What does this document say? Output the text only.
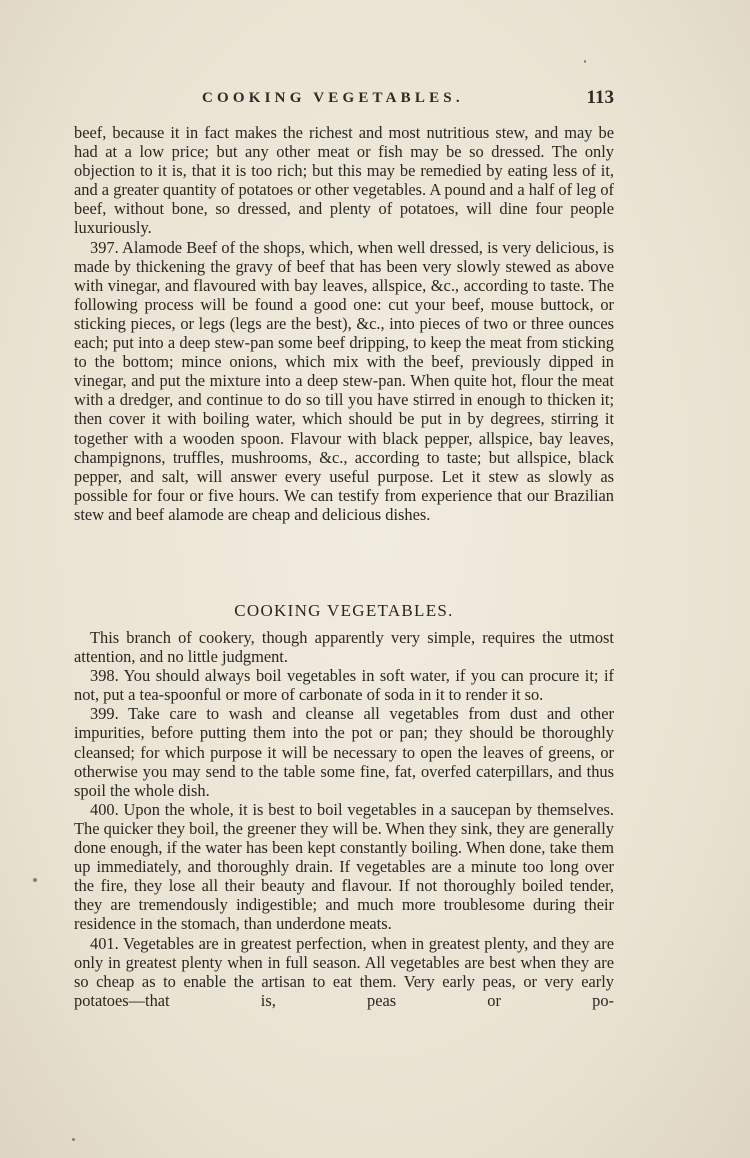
COOKING VEGETABLES.	113

beef, because it in fact makes the richest and most nutritious stew, and may be had at a low price; but any other meat or fish may be so dressed. The only objection to it is, that it is too rich; but this may be remedied by eating less of it, and a greater quantity of potatoes or other vegetables. A pound and a half of leg of beef, without bone, so dressed, and plenty of potatoes, will dine four people luxuriously.

397. Alamode Beef of the shops, which, when well dressed, is very delicious, is made by thickening the gravy of beef that has been very slowly stewed as above with vinegar, and flavoured with bay leaves, allspice, &c., according to taste. The following process will be found a good one: cut your beef, mouse buttock, or sticking pieces, or legs (legs are the best), &c., into pieces of two or three ounces each; put into a deep stew-pan some beef dripping, to keep the meat from sticking to the bottom; mince onions, which mix with the beef, previously dipped in vinegar, and put the mixture into a deep stew-pan. When quite hot, flour the meat with a dredger, and continue to do so till you have stirred in enough to thicken it; then cover it with boiling water, which should be put in by degrees, stirring it together with a wooden spoon. Flavour with black pepper, allspice, bay leaves, champignons, truffles, mushrooms, &c., according to taste; but allspice, black pepper, and salt, will answer every useful purpose. Let it stew as slowly as possible for four or five hours. We can testify from experience that our Brazilian stew and beef alamode are cheap and delicious dishes.

COOKING VEGETABLES.

This branch of cookery, though apparently very simple, requires the utmost attention, and no little judgment.

398. You should always boil vegetables in soft water, if you can procure it; if not, put a tea-spoonful or more of carbonate of soda in it to render it so.

399. Take care to wash and cleanse all vegetables from dust and other impurities, before putting them into the pot or pan; they should be thoroughly cleansed; for which purpose it will be necessary to open the leaves of greens, or otherwise you may send to the table some fine, fat, overfed caterpillars, and thus spoil the whole dish.

400. Upon the whole, it is best to boil vegetables in a saucepan by themselves. The quicker they boil, the greener they will be. When they sink, they are generally done enough, if the water has been kept constantly boiling. When done, take them up immediately, and thoroughly drain. If vegetables are a minute too long over the fire, they lose all their beauty and flavour. If not thoroughly boiled tender, they are tremendously indigestible; and much more troublesome during their residence in the stomach, than underdone meats.

401. Vegetables are in greatest perfection, when in greatest plenty, and they are only in greatest plenty when in full season. All vegetables are best when they are so cheap as to enable the artisan to eat them. Very early peas, or very early potatoes—that is, peas or po-
